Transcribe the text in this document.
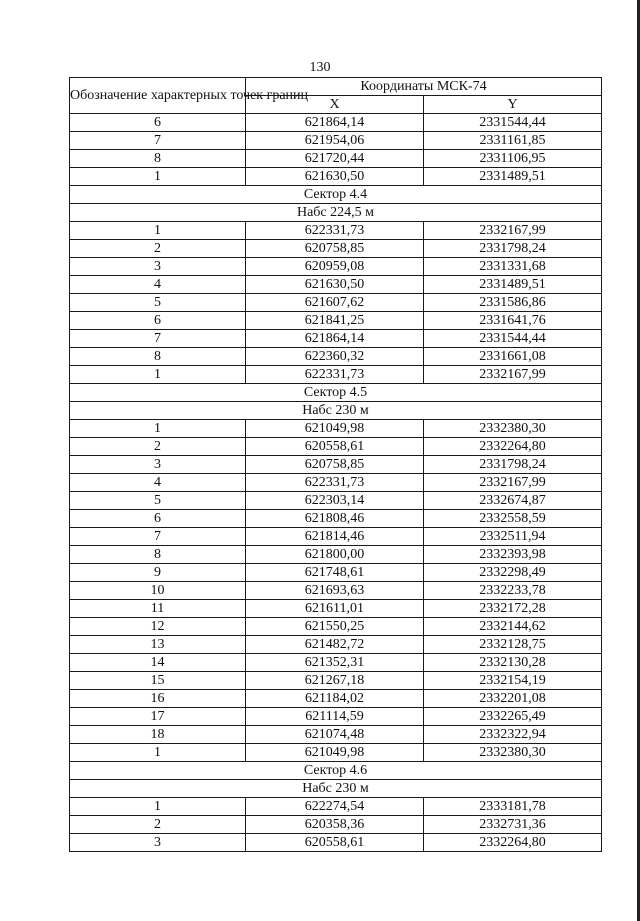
130
Обозначение характерных точек границ	Координаты МСК-74	
	X	Y
6	621864,14	2331544,44
7	621954,06	2331161,85
8	621720,44	2331106,95
1	621630,50	2331489,51
Сектор 4.4		
Набс 224,5 м		
1	622331,73	2332167,99
2	620758,85	2331798,24
3	620959,08	2331331,68
4	621630,50	2331489,51
5	621607,62	2331586,86
6	621841,25	2331641,76
7	621864,14	2331544,44
8	622360,32	2331661,08
1	622331,73	2332167,99
Сектор 4.5		
Набс 230 м		
1	621049,98	2332380,30
2	620558,61	2332264,80
3	620758,85	2331798,24
4	622331,73	2332167,99
5	622303,14	2332674,87
6	621808,46	2332558,59
7	621814,46	2332511,94
8	621800,00	2332393,98
9	621748,61	2332298,49
10	621693,63	2332233,78
11	621611,01	2332172,28
12	621550,25	2332144,62
13	621482,72	2332128,75
14	621352,31	2332130,28
15	621267,18	2332154,19
16	621184,02	2332201,08
17	621114,59	2332265,49
18	621074,48	2332322,94
1	621049,98	2332380,30
Сектор 4.6		
Набс 230 м		
1	622274,54	2333181,78
2	620358,36	2332731,36
3	620558,61	2332264,80
